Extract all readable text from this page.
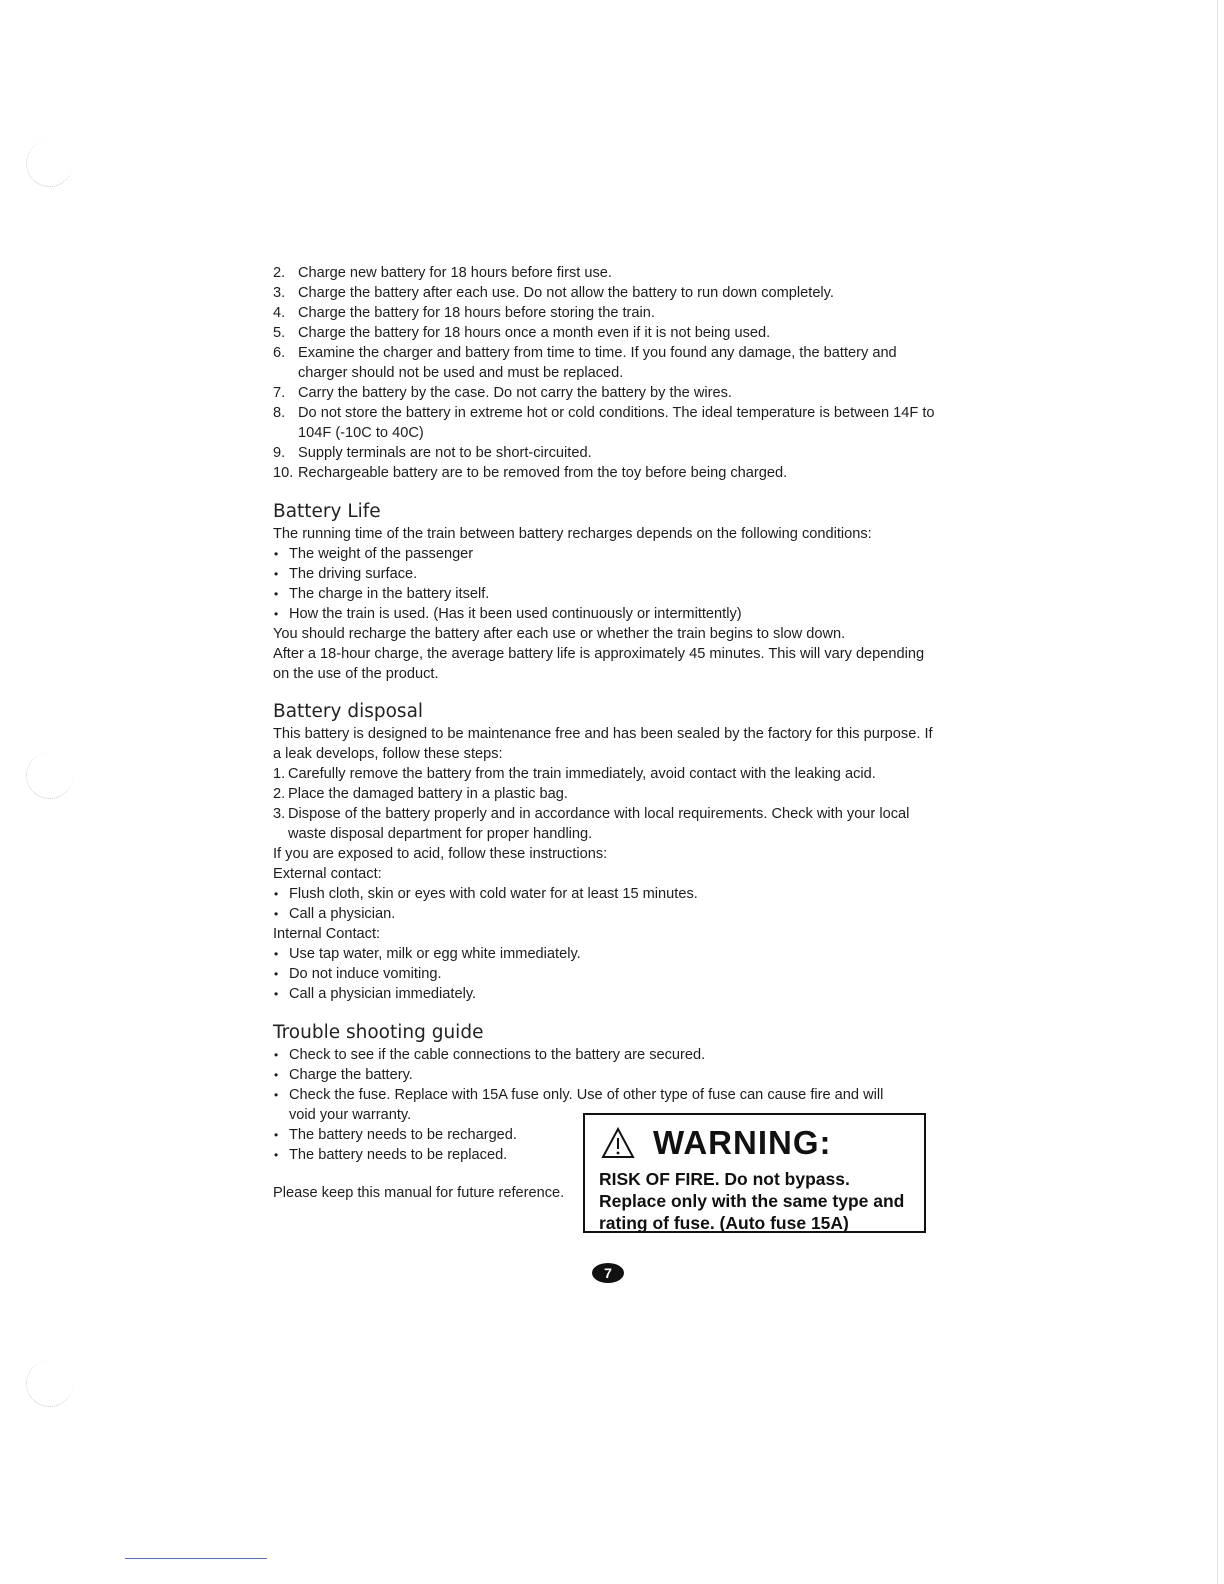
2. Charge new battery for 18 hours before first use.
3. Charge the battery after each use. Do not allow the battery to run down completely.
4. Charge the battery for 18 hours before storing the train.
5. Charge the battery for 18 hours once a month even if it is not being used.
6. Examine the charger and battery from time to time. If you found any damage, the battery and charger should not be used and must be replaced.
7. Carry the battery by the case. Do not carry the battery by the wires.
8. Do not store the battery in extreme hot or cold conditions. The ideal temperature is between 14F to 104F (-10C to 40C)
9. Supply terminals are not to be short-circuited.
10. Rechargeable battery are to be removed from the toy before being charged.
Battery Life

The running time of the train between battery recharges depends on the following conditions:

• The weight of the passenger
• The driving surface.
• The charge in the battery itself.
• How the train is used. (Has it been used continuously or intermittently)

You should recharge the battery after each use or whether the train begins to slow down.

After a 18-hour charge, the average battery life is approximately 45 minutes. This will vary depending on the use of the product.

Battery disposal

This battery is designed to be maintenance free and has been sealed by the factory for this purpose. If a leak develops, follow these steps:

1. Carefully remove the battery from the train immediately, avoid contact with the leaking acid.
2. Place the damaged battery in a plastic bag.
3. Dispose of the battery properly and in accordance with local requirements. Check with your local waste disposal department for proper handling.

If you are exposed to acid, follow these instructions:

External contact:

• Flush cloth, skin or eyes with cold water for at least 15 minutes.
• Call a physician.

Internal Contact:

• Use tap water, milk or egg white immediately.
• Do not induce vomiting.
• Call a physician immediately.
Trouble shooting guide
• Check to see if the cable connections to the battery are secured.
• Charge the battery.
• Check the fuse. Replace with 15A fuse only. Use of other type of fuse can cause fire and will void your warranty.
• The battery needs to be recharged.
• The battery needs to be replaced.

Please keep this manual for future reference.

WARNING:
RISK OF FIRE. Do not bypass.
Replace only with the same type and
rating of fuse. (Auto fuse 15A)
7
